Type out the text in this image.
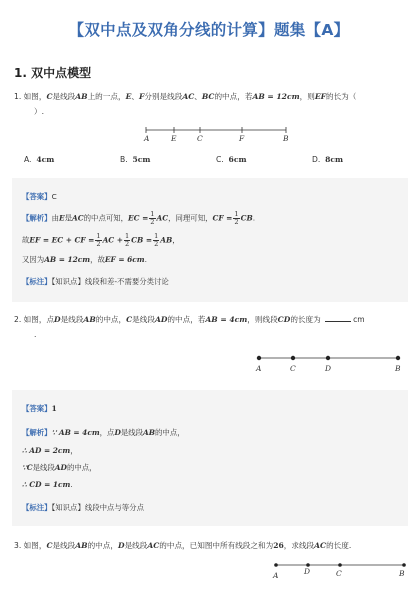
【双中点及双角分线的计算】题集【A】
1. 双中点模型
1. 如图，C是线段AB上的一点，E、F分别是线段AC、BC的中点，若AB = 12cm，则EF的长为（
）.
A	E	C	F	B
A. 4cm	B. 5cm	C. 6cm	D. 8cm
【答案】C
【解析】由E是AC的中点可知，EC = $\frac{1}{2}$ AC，同理可知，CF = $\frac{1}{2}$ CB.
故EF = EC + CF = $\frac{1}{2}$ AC + $\frac{1}{2}$ CB = $\frac{1}{2}$ AB，
又因为AB = 12cm，故EF = 6cm.
【标注】【知识点】线段和差-不需要分类讨论
2. 如图，点D是线段AB的中点，C是线段AD的中点，若AB = 4cm，则线段CD的长度为	cm
.
A	C	D	B
【答案】1
【解析】∵ AB = 4cm，点D是线段AB的中点，
∴ AD = 2cm，
∵C是线段AD的中点，
∴ CD = 1cm.
【标注】【知识点】线段中点与等分点
3. 如图，C是线段AB的中点，D是线段AC的中点，已知图中所有线段之和为26，求线段AC的长度.
A	D	C	B
